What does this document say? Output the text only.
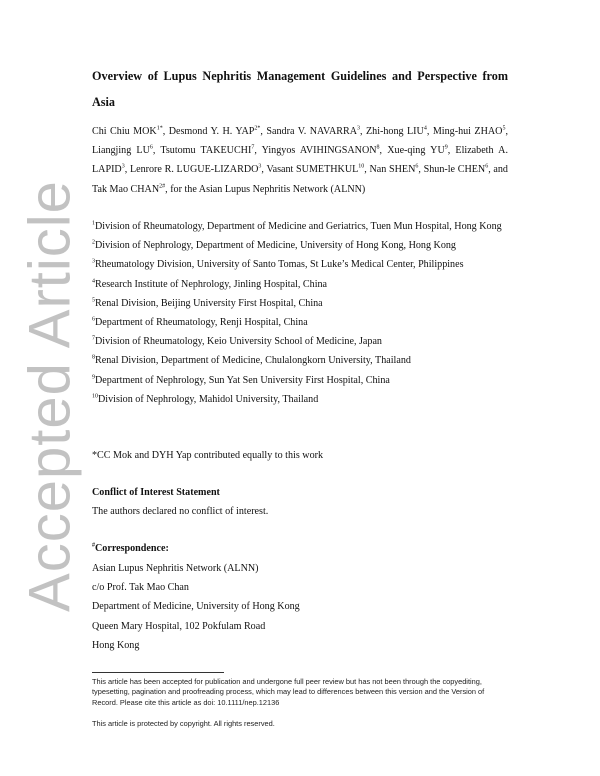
Accepted Article
Overview of Lupus Nephritis Management Guidelines and Perspective from Asia

Chi Chiu $MOK^{1*}$, Desmond Y. H. $YAP^{2*}$, Sandra V. NAVARRA$^3$, Zhi-hong LIU$^4$, Ming-hui ZHAO$^5$, Liangjing $LU^6$, Tsutomu TAKEUCHI$^7$, Yingyos AVIHINGSANON$^8$, Xue-qing $YU^9$, Elizabeth A. LAPID$^3$, Lenrore R. LUGUE-LIZARDO$^3$, Vasant SUMETHKUL$^{10}$, Nan SHEN$^6$, Shun-le CHEN$^6$, and Tak Mao $CHAN^{2\#}$, for the Asian Lupus Nephritis Network (ALNN)

$^1$Division of Rheumatology, Department of Medicine and Geriatrics, Tuen Mun Hospital, Hong Kong
$^2$Division of Nephrology, Department of Medicine, University of Hong Kong, Hong Kong
$^3$Rheumatology Division, University of Santo Tomas, St Luke’s Medical Center, Philippines
$^4$Research Institute of Nephrology, Jinling Hospital, China
$^5$Renal Division, Beijing University First Hospital, China
$^6$Department of Rheumatology, Renji Hospital, China
$^7$Division of Rheumatology, Keio University School of Medicine, Japan
$^8$Renal Division, Department of Medicine, Chulalongkorn University, Thailand
$^9$Department of Nephrology, Sun Yat Sen University First Hospital, China
$^{10}$Division of Nephrology, Mahidol University, Thailand

*CC Mok and DYH Yap contributed equally to this work

Conflict of Interest Statement

The authors declared no conflict of interest.

#Correspondence:

Asian Lupus Nephritis Network (ALNN)
c/o Prof. Tak Mao Chan
Department of Medicine, University of Hong Kong
Queen Mary Hospital, 102 Pokfulam Road
Hong Kong

This article has been accepted for publication and undergone full peer review but has not been through the copyediting, typesetting, pagination and proofreading process, which may lead to differences between this version and the Version of Record. Please cite this article as doi: 10.1111/nep.12136

This article is protected by copyright. All rights reserved.
